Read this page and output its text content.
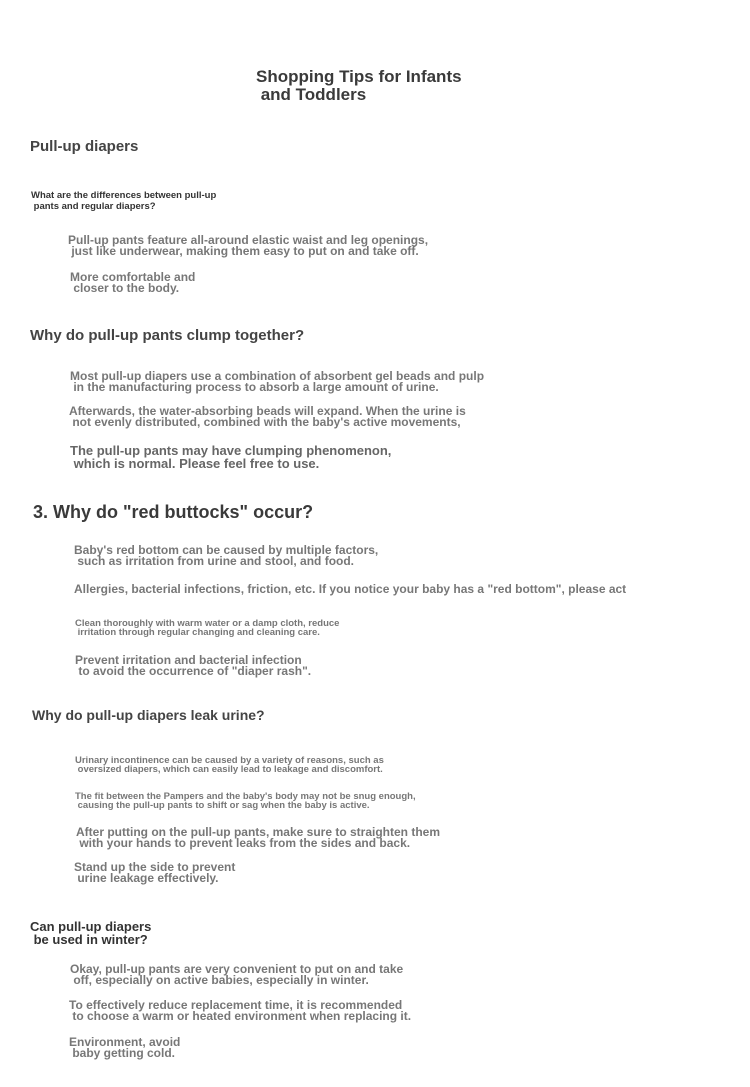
Shopping Tips for Infants
and Toddlers
Pull-up diapers
What are the differences between pull-up
pants and regular diapers?
Pull-up pants feature all-around elastic waist and leg openings,
just like underwear, making them easy to put on and take off.
More comfortable and
closer to the body.
Why do pull-up pants clump together?
Most pull-up diapers use a combination of absorbent gel beads and pulp
in the manufacturing process to absorb a large amount of urine.
Afterwards, the water-absorbing beads will expand. When the urine is
not evenly distributed, combined with the baby's active movements,
The pull-up pants may have clumping phenomenon,
which is normal. Please feel free to use.
3. Why do "red buttocks" occur?
Baby's red bottom can be caused by multiple factors,
such as irritation from urine and stool, and food.
Allergies, bacterial infections, friction, etc. If you notice your baby has a "red bottom", please act
Clean thoroughly with warm water or a damp cloth, reduce
irritation through regular changing and cleaning care.
Prevent irritation and bacterial infection
to avoid the occurrence of "diaper rash".
Why do pull-up diapers leak urine?
Urinary incontinence can be caused by a variety of reasons, such as
oversized diapers, which can easily lead to leakage and discomfort.
The fit between the Pampers and the baby's body may not be snug enough,
causing the pull-up pants to shift or sag when the baby is active.
After putting on the pull-up pants, make sure to straighten them
with your hands to prevent leaks from the sides and back.
Stand up the side to prevent
urine leakage effectively.
Can pull-up diapers
be used in winter?
Okay, pull-up pants are very convenient to put on and take
off, especially on active babies, especially in winter.
To effectively reduce replacement time, it is recommended
to choose a warm or heated environment when replacing it.
Environment, avoid
baby getting cold.
